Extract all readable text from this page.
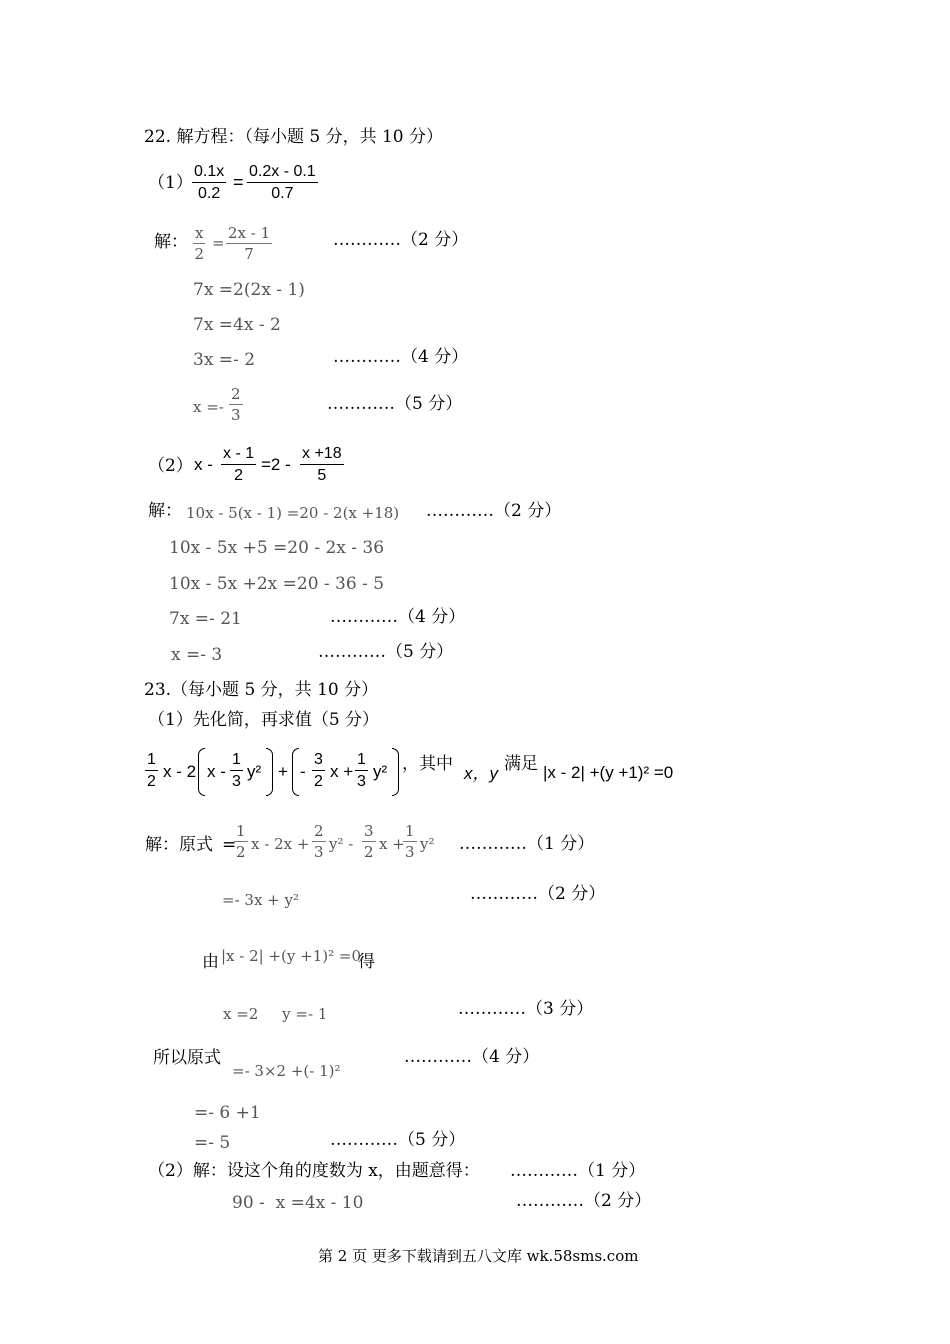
22. 解方程：（每小题 5 分，共 10 分）
（1）
0.1x
0.2
=
0.2x - 0.1
0.7
解： x
2
=
2x - 1
7
…………（2 分）
7x =2(2x - 1)
7x =4x - 2
3x =- 2	…………（4 分）
x =-
2
3
…………（5 分）
（2） x -
x - 1
2
=2 -
x +18
5
解： 10x - 5(x - 1) =20 - 2(x +18) …………（2 分）
10x - 5x +5 =20 - 2x - 36
10x - 5x +2x =20 - 36 - 5
7x =- 21	…………（4 分）
x =- 3	…………（5 分）
23.（每小题 5 分，共 10 分）
（1）先化简，再求值（5 分）
1
2
x - 2 x -
1
3
y² + -
3
2
x +
1
3
y² ，其中 x，y 满足 |x - 2| +(y +1)² =0
解：原式 =
1
2 x - 2x +
2
3 y² -
3
2 x +
1
3 y² …………（1 分）
=- 3x + y²	…………（2 分）
由 |x - 2| +(y +1)² =0
得
x =2     y =- 1	…………（3 分）
所以原式
=- 3×2 +(- 1)²
…………（4 分）
=- 6 +1
=- 5	…………（5 分）
（2）解：设这个角的度数为 x，由题意得： …………（1 分）
90 -  x =4x - 10	…………（2 分）
第 2 页 更多下载请到五八文库 wk.58sms.com
